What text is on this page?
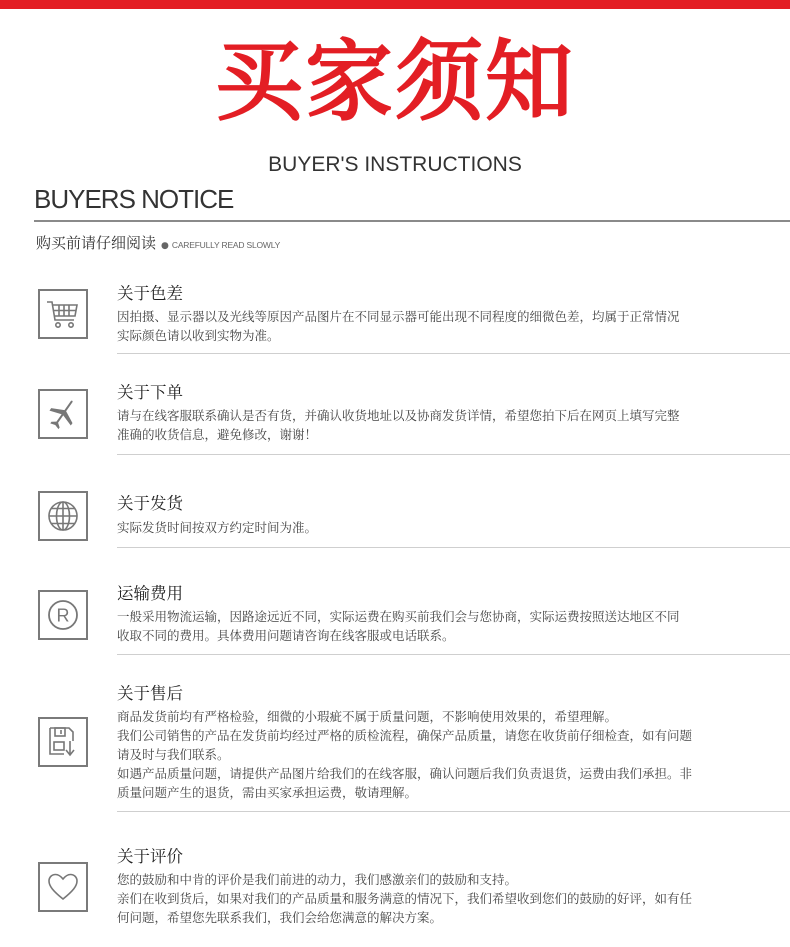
买家须知
BUYER'S INSTRUCTIONS
BUYERS NOTICE
购买前请仔细阅读 ● CAREFULLY READ SLOWLY
关于色差

因拍摄、显示器以及光线等原因产品图片在不同显示器可能出现不同程度的细微色差，均属于正常情况

实际颜色请以收到实物为准。

关于下单

请与在线客服联系确认是否有货，并确认收货地址以及协商发货详情，希望您拍下后在网页上填写完整

准确的收货信息，避免修改，谢谢！

关于发货

实际发货时间按双方约定时间为准。

R
运输费用

一般采用物流运输，因路途远近不同，实际运费在购买前我们会与您协商，实际运费按照送达地区不同

收取不同的费用。具体费用问题请咨询在线客服或电话联系。

关于售后

商品发货前均有严格检验，细微的小瑕疵不属于质量问题，不影响使用效果的，希望理解。

我们公司销售的产品在发货前均经过严格的质检流程，确保产品质量，请您在收货前仔细检查，如有问题

请及时与我们联系。

如遇产品质量问题，请提供产品图片给我们的在线客服，确认问题后我们负责退货，运费由我们承担。非

质量问题产生的退货，需由买家承担运费，敬请理解。

关于评价

您的鼓励和中肯的评价是我们前进的动力，我们感激亲们的鼓励和支持。

亲们在收到货后，如果对我们的产品质量和服务满意的情况下，我们希望收到您们的鼓励的好评，如有任

何问题，希望您先联系我们，我们会给您满意的解决方案。
